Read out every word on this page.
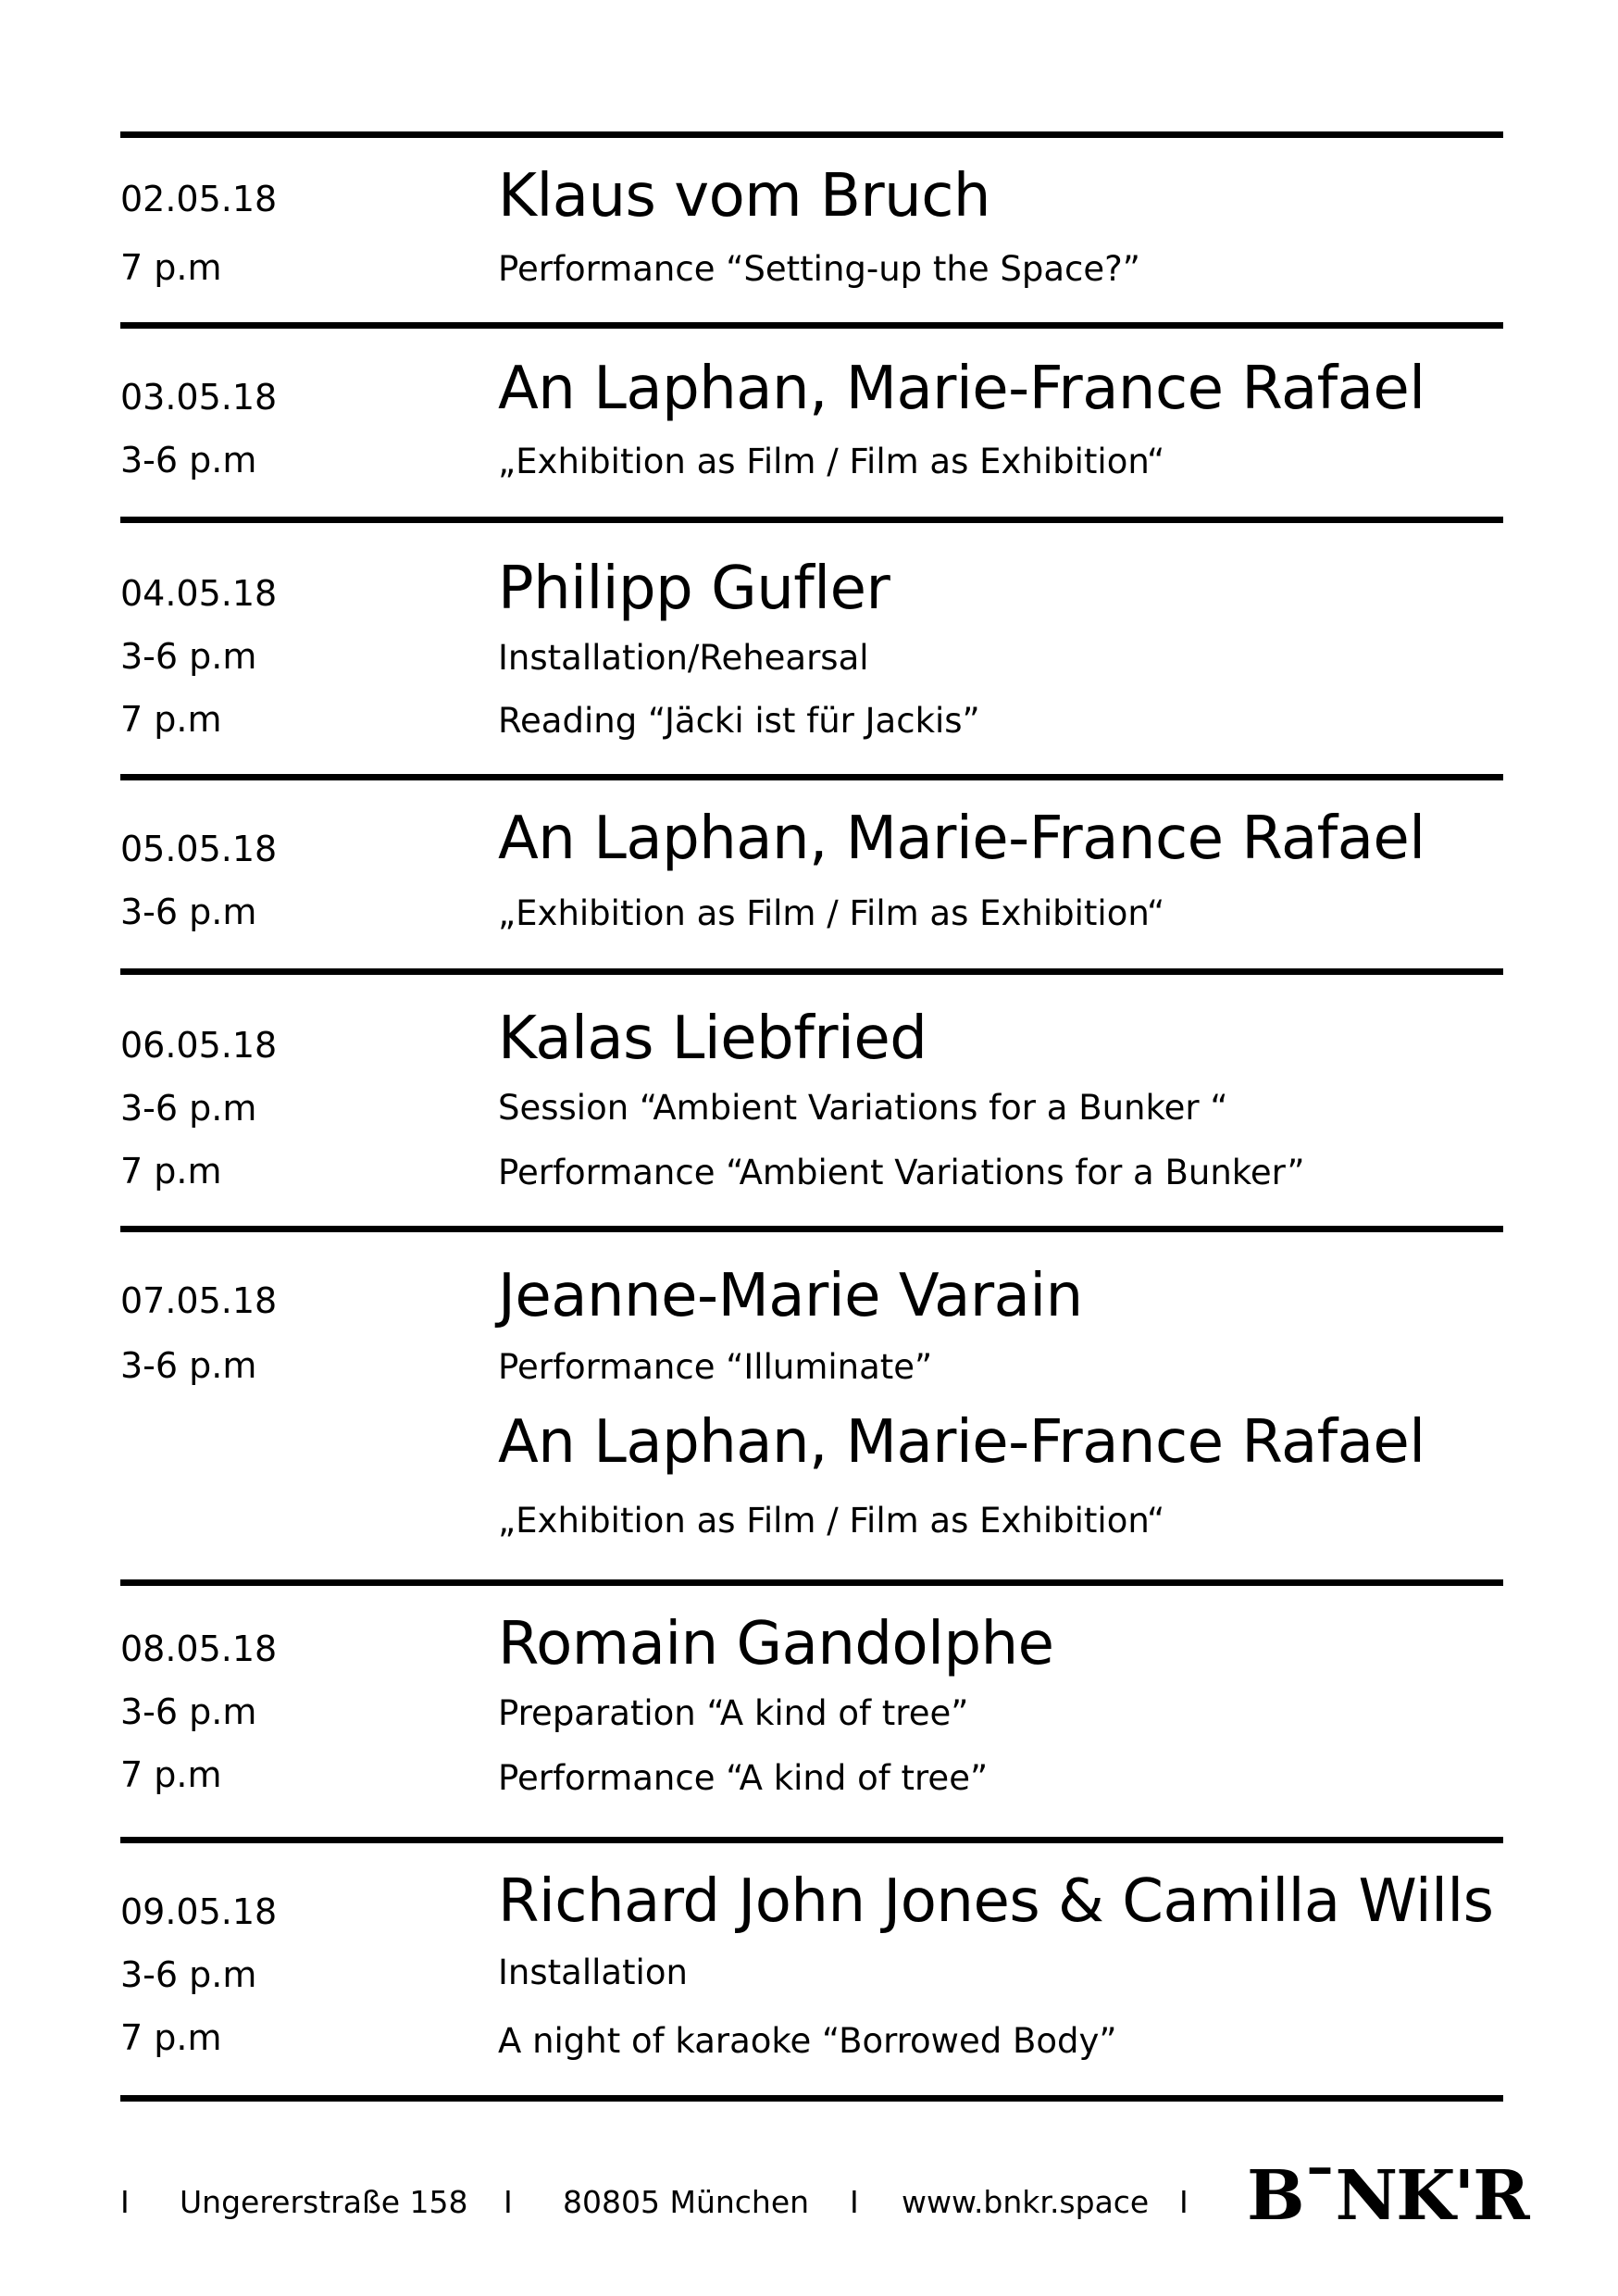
02.05.18
7 p.m
Klaus vom Bruch
Performance “Setting-up the Space?”
03.05.18
3-6 p.m
An Laphan, Marie-France Rafael
„Exhibition as Film / Film as Exhibition“
04.05.18
3-6 p.m
7 p.m
Philipp Gufler
Installation/Rehearsal
Reading “Jäcki ist für Jackis”
05.05.18
3-6 p.m
An Laphan, Marie-France Rafael
„Exhibition as Film / Film as Exhibition“
06.05.18
3-6 p.m
7 p.m
Kalas Liebfried
Session “Ambient Variations for a Bunker “
Performance “Ambient Variations for a Bunker”
07.05.18
3-6 p.m
Jeanne-Marie Varain
Performance “Illuminate”
An Laphan, Marie-France Rafael
„Exhibition as Film / Film as Exhibition“
08.05.18
3-6 p.m
7 p.m
Romain Gandolphe
Preparation “A kind of tree”
Performance “A kind of tree”
09.05.18
3-6 p.m
7 p.m
Richard John Jones & Camilla Wills
Installation
A night of karaoke “Borrowed Body”
I Ungererstraße 158 I 80805 München I www.bnkr.space I B¯NK'R
